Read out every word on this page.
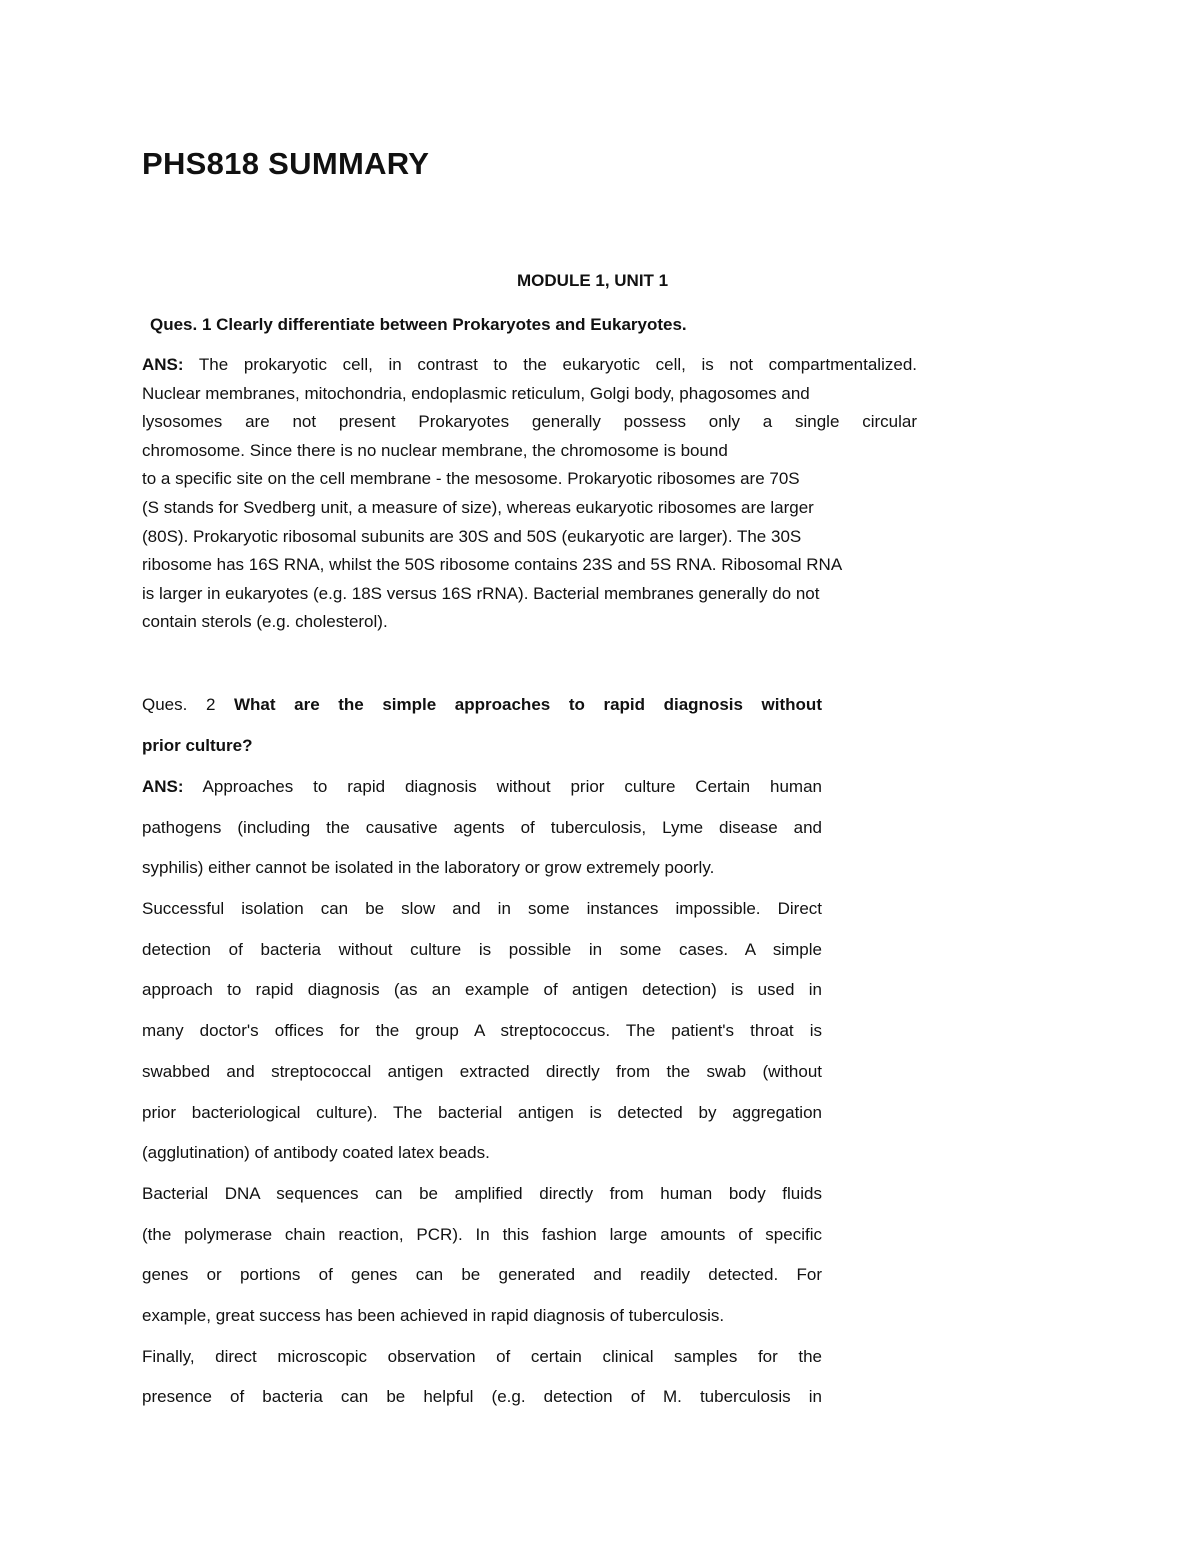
PHS818 SUMMARY
MODULE 1, UNIT 1

Ques. 1 Clearly differentiate between Prokaryotes and Eukaryotes.

ANS: The prokaryotic cell, in contrast to the eukaryotic cell, is not compartmentalized.
Nuclear membranes, mitochondria, endoplasmic reticulum, Golgi body, phagosomes and
lysosomes are not present Prokaryotes generally possess only a single circular
chromosome. Since there is no nuclear membrane, the chromosome is bound
to a specific site on the cell membrane - the mesosome. Prokaryotic ribosomes are 70S
(S stands for Svedberg unit, a measure of size), whereas eukaryotic ribosomes are larger
(80S). Prokaryotic ribosomal subunits are 30S and 50S (eukaryotic are larger). The 30S
ribosome has 16S RNA, whilst the 50S ribosome contains 23S and 5S RNA. Ribosomal RNA
is larger in eukaryotes (e.g. 18S versus 16S rRNA). Bacterial membranes generally do not
contain sterols (e.g. cholesterol).
Ques. 2 What are the simple approaches to rapid diagnosis without
prior culture?
ANS: Approaches to rapid diagnosis without prior culture Certain human
pathogens (including the causative agents of tuberculosis, Lyme disease and
syphilis) either cannot be isolated in the laboratory or grow extremely poorly.
Successful isolation can be slow and in some instances impossible. Direct
detection of bacteria without culture is possible in some cases. A simple
approach to rapid diagnosis (as an example of antigen detection) is used in
many doctor's offices for the group A streptococcus. The patient's throat is
swabbed and streptococcal antigen extracted directly from the swab (without
prior bacteriological culture). The bacterial antigen is detected by aggregation
(agglutination) of antibody coated latex beads.
Bacterial DNA sequences can be amplified directly from human body fluids
(the polymerase chain reaction, PCR). In this fashion large amounts of specific
genes or portions of genes can be generated and readily detected. For
example, great success has been achieved in rapid diagnosis of tuberculosis.
Finally, direct microscopic observation of certain clinical samples for the
presence of bacteria can be helpful (e.g. detection of M. tuberculosis in
